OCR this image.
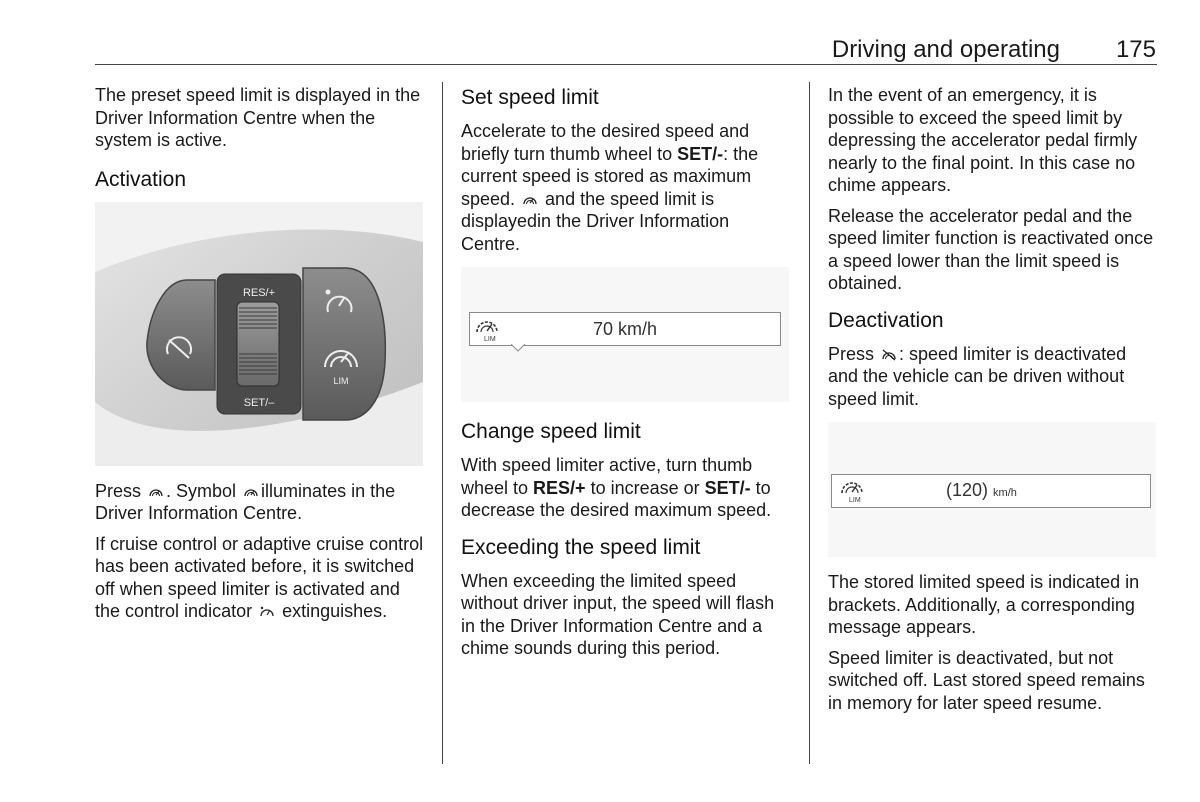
Driving and operating	175

The preset speed limit is displayed in the Driver Information Centre when the system is active.

Activation
LIM
RES/+
SET/–

Press
. Symbol
illuminates in the Driver Information Centre.

If cruise control or adaptive cruise control has been activated before, it is switched off when speed limiter is activated and the control indicator
extinguishes.

Set speed limit

Accelerate to the desired speed and briefly turn thumb wheel to SET/-: the current speed is stored as maximum speed.
and the speed limit is displayedin the Driver Information Centre.

LIM
70 km/h
Change speed limit

With speed limiter active, turn thumb wheel to RES/+ to increase or SET/- to decrease the desired maximum speed.

Exceeding the speed limit

When exceeding the limited speed without driver input, the speed will flash in the Driver Information Centre and a chime sounds during this period.

In the event of an emergency, it is possible to exceed the speed limit by depressing the accelerator pedal firmly nearly to the final point. In this case no chime appears.

Release the accelerator pedal and the speed limiter function is reactivated once a speed lower than the limit speed is obtained.

Deactivation

Press
: speed limiter is deactivated and the vehicle can be driven without speed limit.

LIM
(120) km/h

The stored limited speed is indicated in brackets. Additionally, a corresponding message appears.

Speed limiter is deactivated, but not switched off. Last stored speed remains in memory for later speed resume.
